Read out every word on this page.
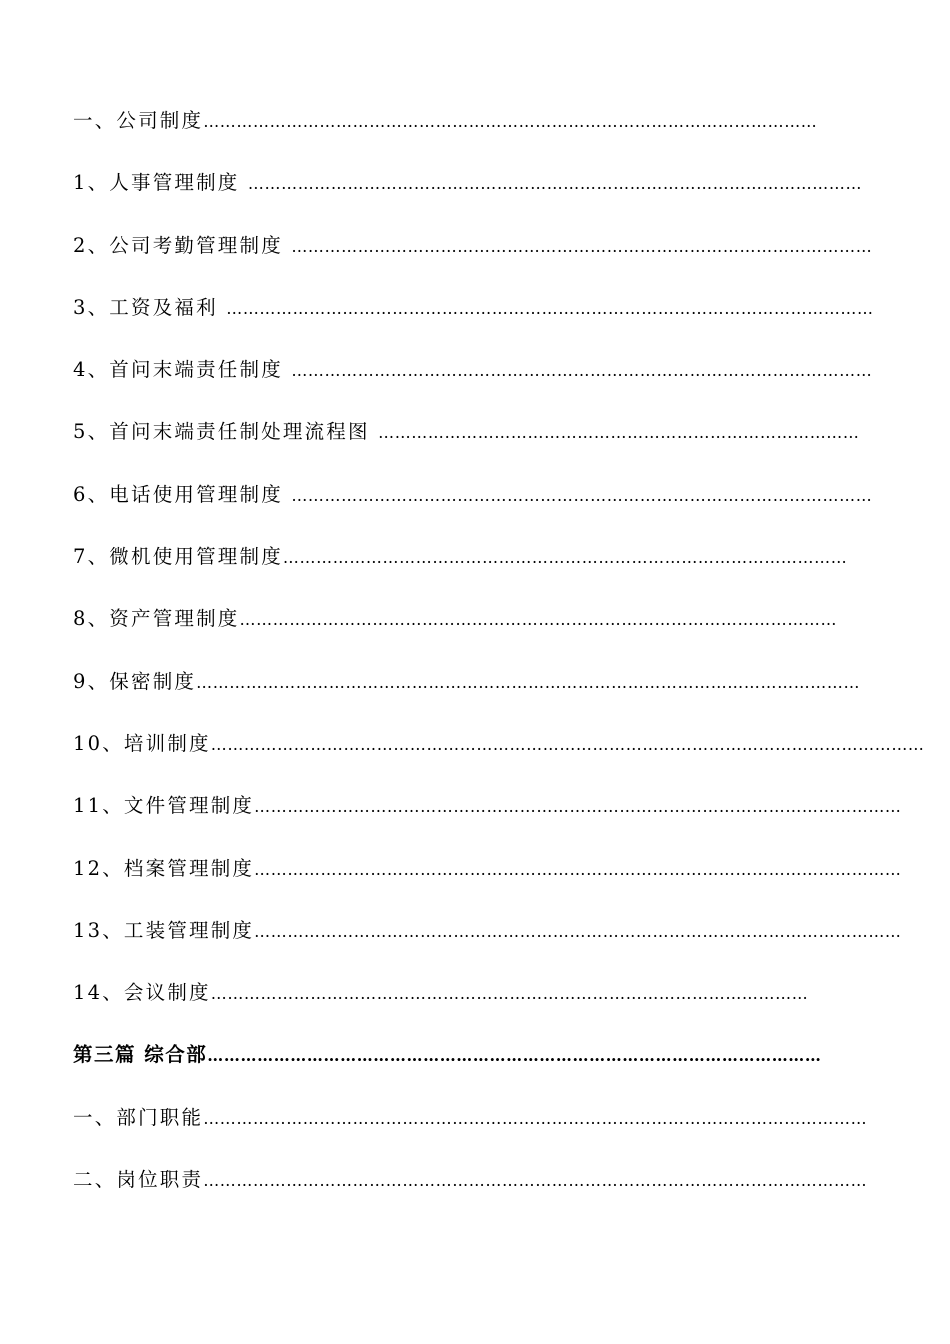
一、公司制度…………………………………………………………………………………………………
1、人事管理制度 …………………………………………………………………………………………………
2、公司考勤管理制度 ……………………………………………………………………………………………
3、工资及福利 ………………………………………………………………………………………………………
4、首问末端责任制度 ……………………………………………………………………………………………
5、首问末端责任制处理流程图 ……………………………………………………………………………
6、电话使用管理制度 ……………………………………………………………………………………………
7、微机使用管理制度…………………………………………………………………………………………
8、资产管理制度………………………………………………………………………………………………
9、保密制度…………………………………………………………………………………………………………
10、培训制度…………………………………………………………………………………………………………………
11、文件管理制度………………………………………………………………………………………………………
12、档案管理制度………………………………………………………………………………………………………
13、工装管理制度………………………………………………………………………………………………………
14、会议制度………………………………………………………………………………………………
第三篇 综合部…………………………………………………………………………………………………
一、部门职能…………………………………………………………………………………………………………
二、岗位职责…………………………………………………………………………………………………………
